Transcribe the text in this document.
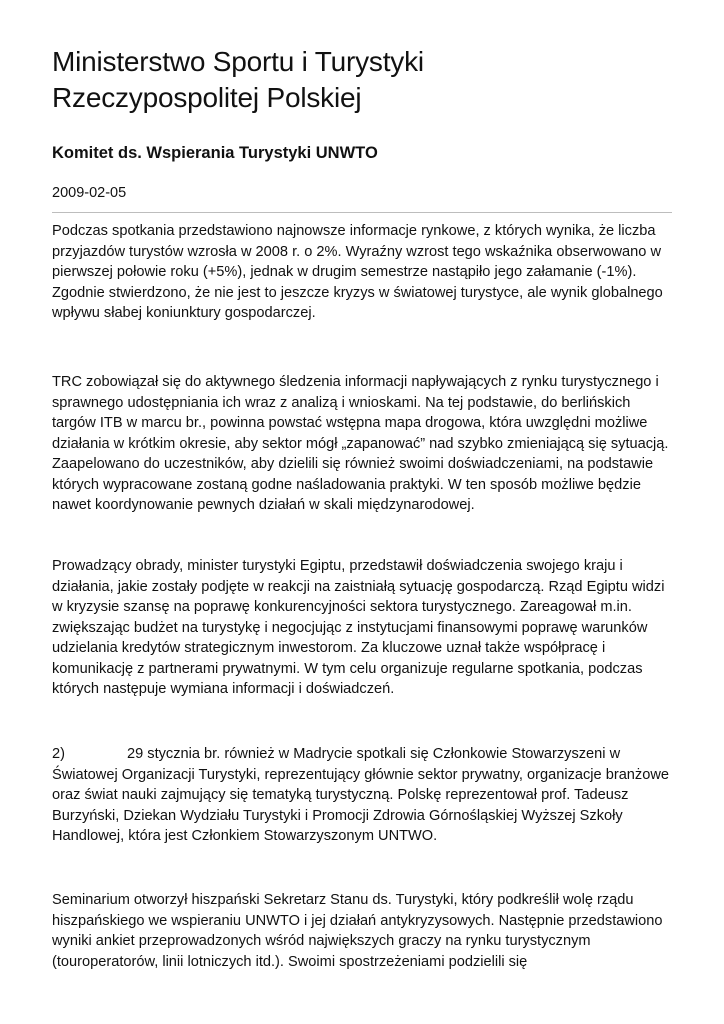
Ministerstwo Sportu i Turystyki
Rzeczypospolitej Polskiej
Komitet ds. Wspierania Turystyki UNWTO

2009-02-05

Podczas spotkania przedstawiono najnowsze informacje rynkowe, z których wynika, że liczba przyjazdów turystów wzrosła w 2008 r. o 2%. Wyraźny wzrost tego wskaźnika obserwowano w pierwszej połowie roku (+5%), jednak w drugim semestrze nastąpiło jego załamanie (-1%). Zgodnie stwierdzono, że nie jest to jeszcze kryzys w światowej turystyce, ale wynik globalnego wpływu słabej koniunktury gospodarczej.

TRC zobowiązał się do aktywnego śledzenia informacji napływających z rynku turystycznego i sprawnego udostępniania ich wraz z analizą i wnioskami. Na tej podstawie, do berlińskich targów ITB w marcu br., powinna powstać wstępna mapa drogowa, która uwzględni możliwe działania w krótkim okresie, aby sektor mógł „zapanować” nad szybko zmieniającą się sytuacją. Zaapelowano do uczestników, aby dzielili się również swoimi doświadczeniami, na podstawie których wypracowane zostaną godne naśladowania praktyki. W ten sposób możliwe będzie nawet koordynowanie pewnych działań w skali międzynarodowej.

Prowadzący obrady, minister turystyki Egiptu, przedstawił doświadczenia swojego kraju i działania, jakie zostały podjęte w reakcji na zaistniałą sytuację gospodarczą. Rząd Egiptu widzi w kryzysie szansę na poprawę konkurencyjności sektora turystycznego. Zareagował m.in. zwiększając budżet na turystykę i negocjując z instytucjami finansowymi poprawę warunków udzielania kredytów strategicznym inwestorom. Za kluczowe uznał także współpracę i komunikację z partnerami prywatnymi. W tym celu organizuje regularne spotkania, podczas których następuje wymiana informacji i doświadczeń.

2)	29 stycznia br. również w Madrycie spotkali się Członkowie Stowarzyszeni w Światowej Organizacji Turystyki, reprezentujący głównie sektor prywatny, organizacje branżowe oraz świat nauki zajmujący się tematyką turystyczną. Polskę reprezentował prof. Tadeusz Burzyński, Dziekan Wydziału Turystyki i Promocji Zdrowia Górnośląskiej Wyższej Szkoły Handlowej, która jest Członkiem Stowarzyszonym UNTWO.

Seminarium otworzył hiszpański Sekretarz Stanu ds. Turystyki, który podkreślił wolę rządu hiszpańskiego we wspieraniu UNWTO i jej działań antykryzysowych. Następnie przedstawiono wyniki ankiet przeprowadzonych wśród największych graczy na rynku turystycznym (touroperatorów, linii lotniczych itd.). Swoimi spostrzeżeniami podzielili się
